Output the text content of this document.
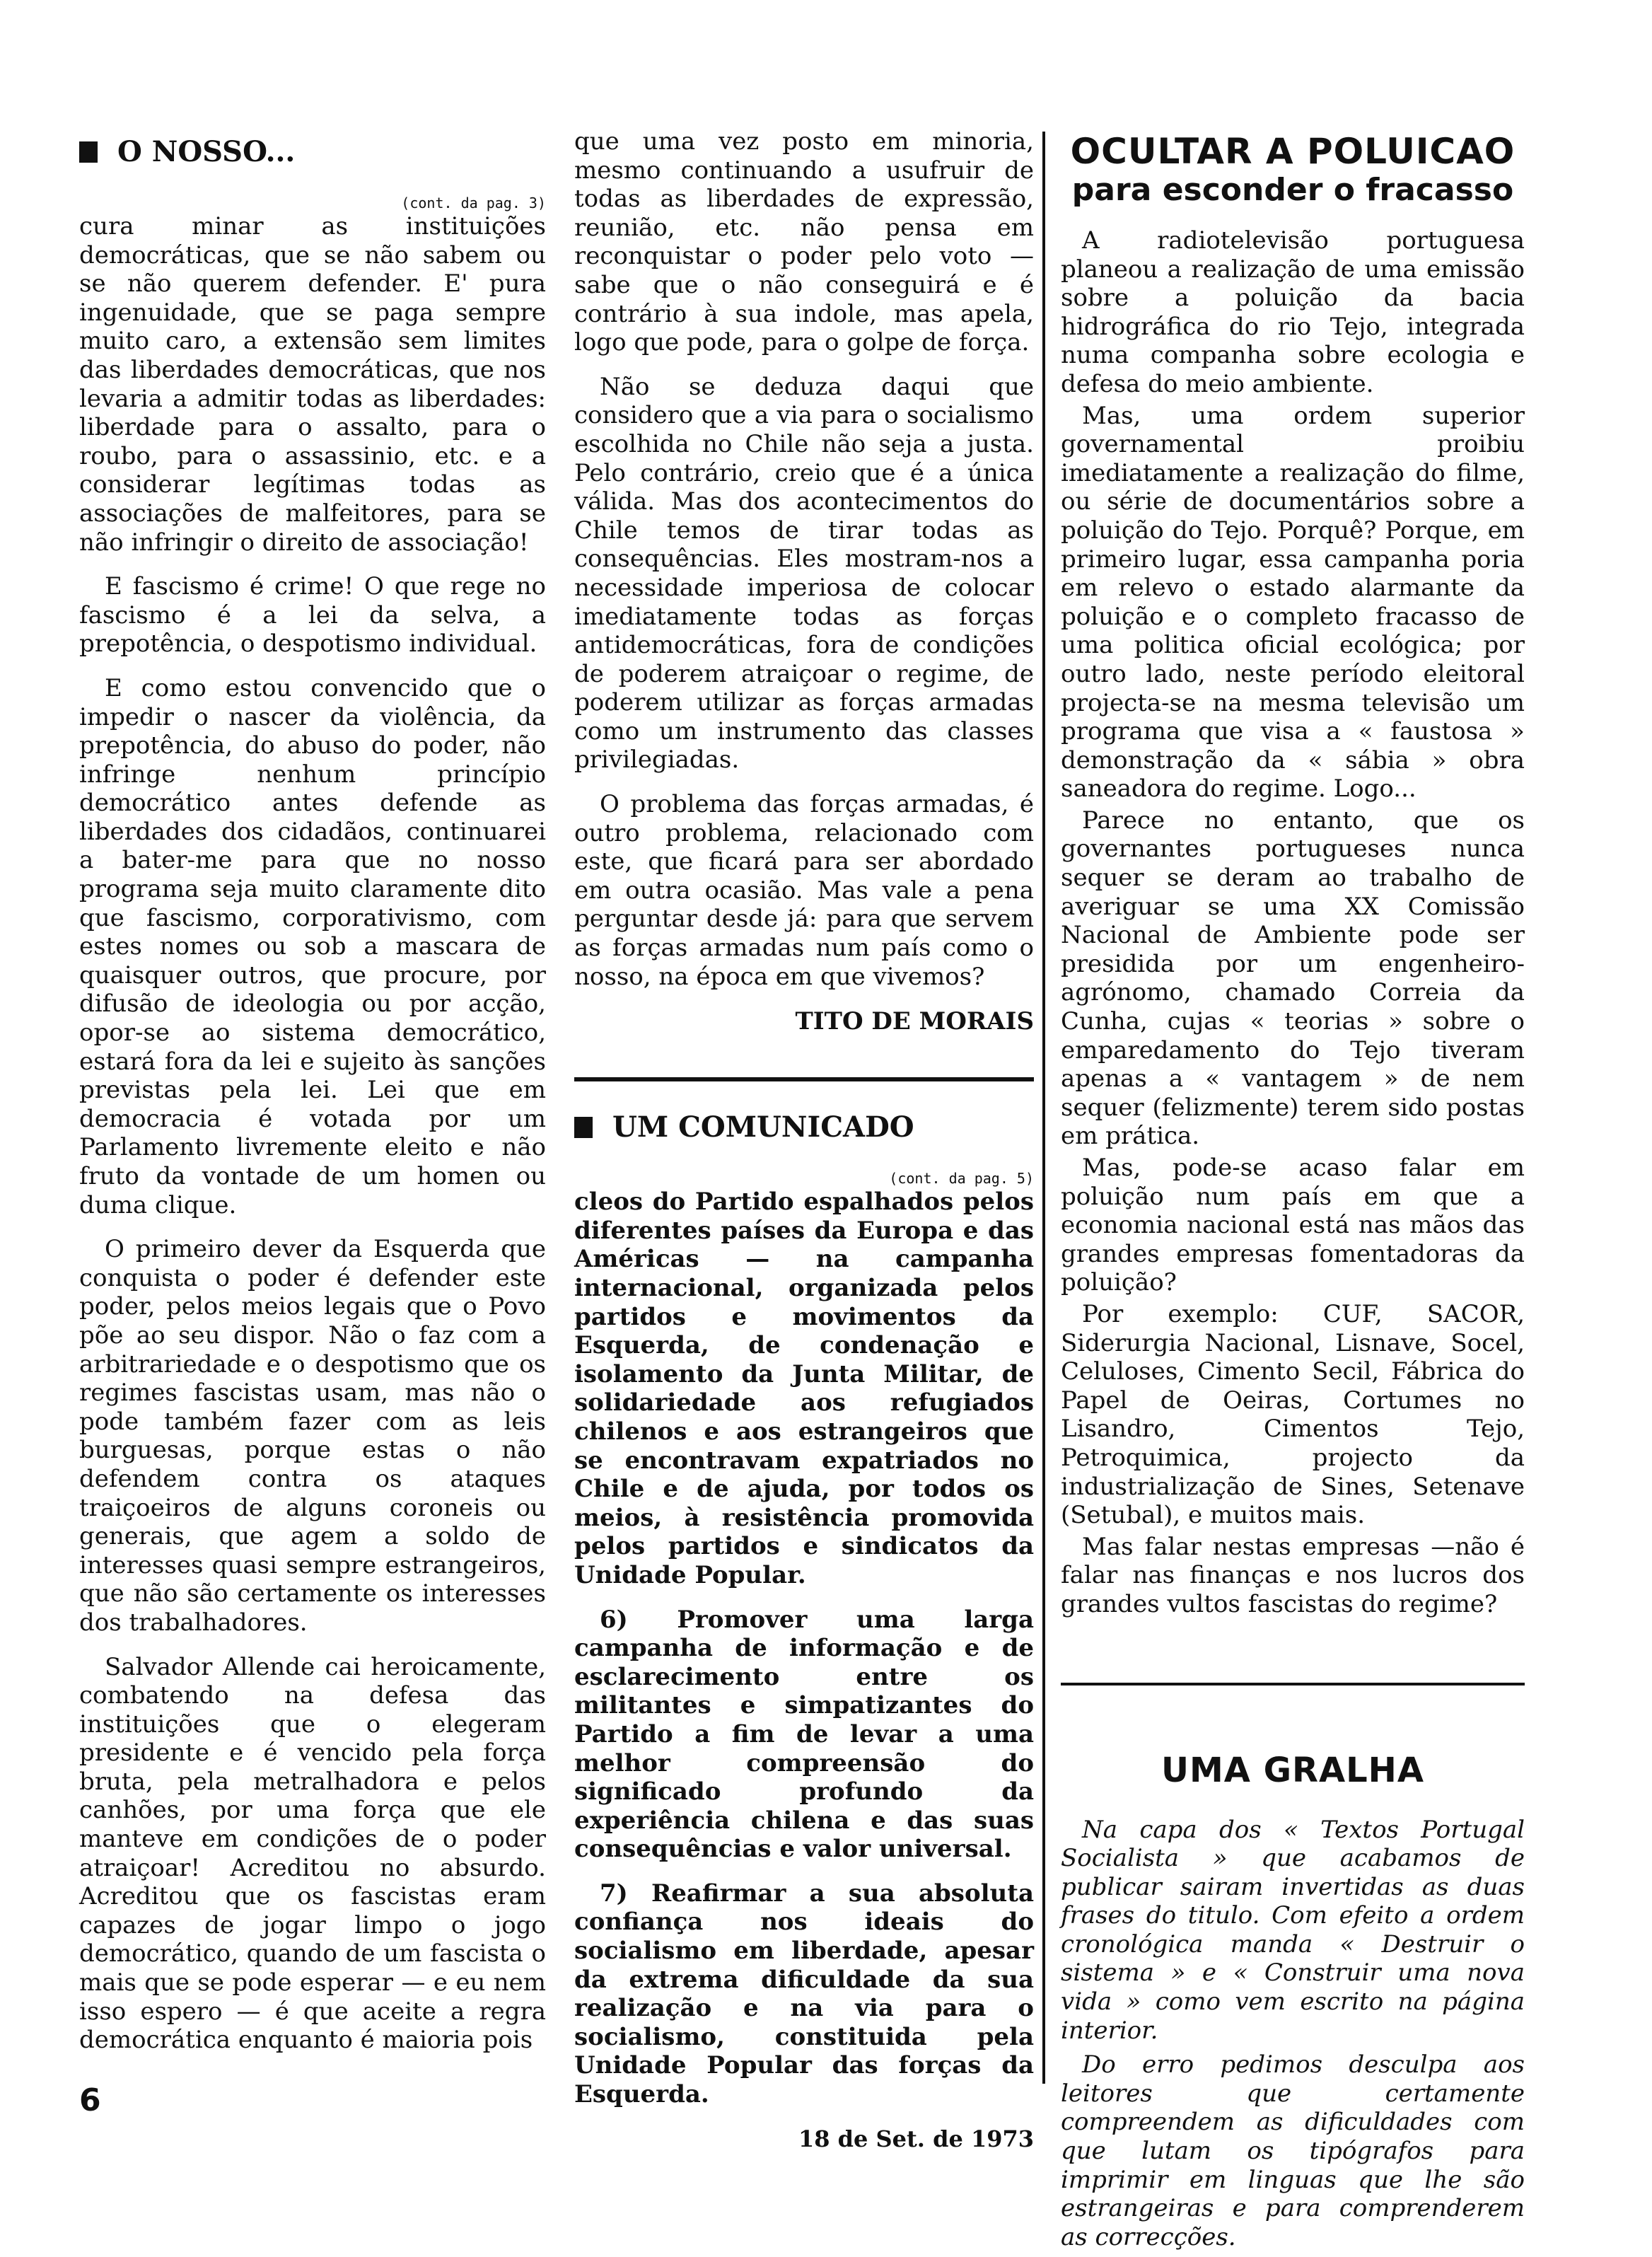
O NOSSO...
(cont. da pag. 3)

cura minar as instituições democráticas, que se não sabem ou se não querem defender. E' pura ingenuidade, que se paga sempre muito caro, a extensão sem limites das liberdades democráticas, que nos levaria a admitir todas as liberdades: liberdade para o assalto, para o roubo, para o assassinio, etc. e a considerar legítimas todas as associações de malfeitores, para se não infringir o direito de associação!

E fascismo é crime! O que rege no fascismo é a lei da selva, a prepotência, o despotismo individual.

E como estou convencido que o impedir o nascer da violência, da prepotência, do abuso do poder, não infringe nenhum princípio democrático antes defende as liberdades dos cidadãos, continuarei a bater-me para que no nosso programa seja muito claramente dito que fascismo, corporativismo, com estes nomes ou sob a mascara de quaisquer outros, que procure, por difusão de ideologia ou por acção, opor-se ao sistema democrático, estará fora da lei e sujeito às sanções previstas pela lei. Lei que em democracia é votada por um Parlamento livremente eleito e não fruto da vontade de um homen ou duma clique.

O primeiro dever da Esquerda que conquista o poder é defender este poder, pelos meios legais que o Povo põe ao seu dispor. Não o faz com a arbitrariedade e o despotismo que os regimes fascistas usam, mas não o pode também fazer com as leis burguesas, porque estas o não defendem contra os ataques traiçoeiros de alguns coroneis ou generais, que agem a soldo de interesses quasi sempre estrangeiros, que não são certamente os interesses dos trabalhadores.

Salvador Allende cai heroicamente, combatendo na defesa das instituições que o elegeram presidente e é vencido pela força bruta, pela metralhadora e pelos canhões, por uma força que ele manteve em condições de o poder atraiçoar! Acreditou no absurdo. Acreditou que os fascistas eram capazes de jogar limpo o jogo democrático, quando de um fascista o mais que se pode esperar — e eu nem isso espero — é que aceite a regra democrática enquanto é maioria pois

que uma vez posto em minoria, mesmo continuando a usufruir de todas as liberdades de expressão, reunião, etc. não pensa em reconquistar o poder pelo voto — sabe que o não conseguirá e é contrário à sua indole, mas apela, logo que pode, para o golpe de força.

Não se deduza daqui que considero que a via para o socialismo escolhida no Chile não seja a justa. Pelo contrário, creio que é a única válida. Mas dos acontecimentos do Chile temos de tirar todas as consequências. Eles mostram-nos a necessidade imperiosa de colocar imediatamente todas as forças antidemocráticas, fora de condições de poderem atraiçoar o regime, de poderem utilizar as forças armadas como um instrumento das classes privilegiadas.

O problema das forças armadas, é outro problema, relacionado com este, que ficará para ser abordado em outra ocasião. Mas vale a pena perguntar desde já: para que servem as forças armadas num país como o nosso, na época em que vivemos?

TITO DE MORAIS
UM COMUNICADO
(cont. da pag. 5)

cleos do Partido espalhados pelos diferentes países da Europa e das Américas — na campanha internacional, organizada pelos partidos e movimentos da Esquerda, de condenação e isolamento da Junta Militar, de solidariedade aos refugiados chilenos e aos estrangeiros que se encontravam expatriados no Chile e de ajuda, por todos os meios, à resistência promovida pelos partidos e sindicatos da Unidade Popular.

6) Promover uma larga campanha de informação e de esclarecimento entre os militantes e simpatizantes do Partido a fim de levar a uma melhor compreensão do significado profundo da experiência chilena e das suas consequências e valor universal.

7) Reafirmar a sua absoluta confiança nos ideais do socialismo em liberdade, apesar da extrema dificuldade da sua realização e na via para o socialismo, constituida pela Unidade Popular das forças da Esquerda.

18 de Set. de 1973
OCULTAR A POLUICAO
para esconder o fracasso

A radiotelevisão portuguesa planeou a realização de uma emissão sobre a poluição da bacia hidrográfica do rio Tejo, integrada numa companha sobre ecologia e defesa do meio ambiente.

Mas, uma ordem superior governamental proibiu imediatamente a realização do filme, ou série de documentários sobre a poluição do Tejo. Porquê? Porque, em primeiro lugar, essa campanha poria em relevo o estado alarmante da poluição e o completo fracasso de uma politica oficial ecológica; por outro lado, neste período eleitoral projecta-se na mesma televisão um programa que visa a « faustosa » demonstração da « sábia » obra saneadora do regime. Logo...

Parece no entanto, que os governantes portugueses nunca sequer se deram ao trabalho de averiguar se uma XX Comissão Nacional de Ambiente pode ser presidida por um engenheiro-agrónomo, chamado Correia da Cunha, cujas « teorias » sobre o emparedamento do Tejo tiveram apenas a « vantagem » de nem sequer (felizmente) terem sido postas em prática.

Mas, pode-se acaso falar em poluição num país em que a economia nacional está nas mãos das grandes empresas fomentadoras da poluição?

Por exemplo: CUF, SACOR, Siderurgia Nacional, Lisnave, Socel, Celuloses, Cimento Secil, Fábrica do Papel de Oeiras, Cortumes no Lisandro, Cimentos Tejo, Petroquimica, projecto da industrialização de Sines, Setenave (Setubal), e muitos mais.

Mas falar nestas empresas —não é falar nas finanças e nos lucros dos grandes vultos fascistas do regime?

UMA GRALHA

Na capa dos « Textos Portugal Socialista » que acabamos de publicar sairam invertidas as duas frases do titulo. Com efeito a ordem cronológica manda « Destruir o sistema » e « Construir uma nova vida » como vem escrito na página interior.

Do erro pedimos desculpa aos leitores que certamente compreendem as dificuldades com que lutam os tipógrafos para imprimir em linguas que lhe são estrangeiras e para comprenderem as correcções.

6
